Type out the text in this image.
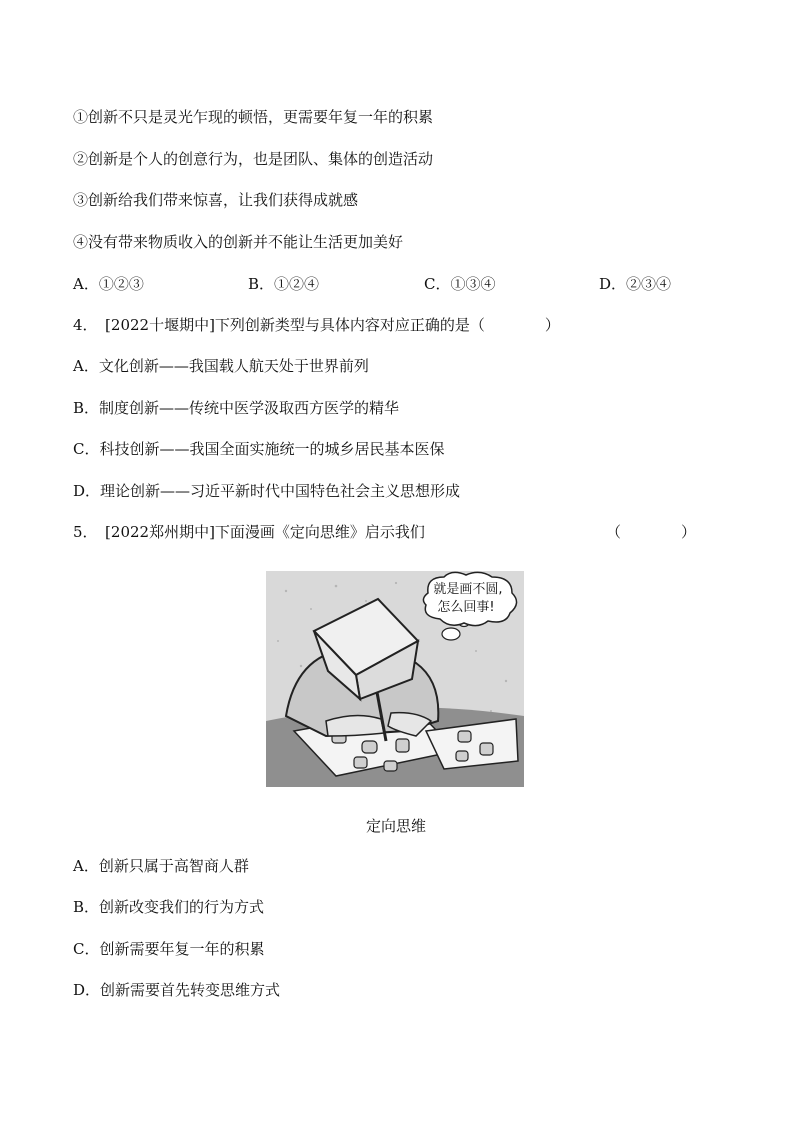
①创新不只是灵光乍现的顿悟，更需要年复一年的积累
②创新是个人的创意行为，也是团队、集体的创造活动
③创新给我们带来惊喜，让我们获得成就感
④没有带来物质收入的创新并不能让生活更加美好
A．①②③	B．①②④	C．①③④	D．②③④
4．　[2022十堰期中]下列创新类型与具体内容对应正确的是（　　　　）
A．文化创新——我国载人航天处于世界前列
B．制度创新——传统中医学汲取西方医学的精华
C．科技创新——我国全面实施统一的城乡居民基本医保
D．理论创新——习近平新时代中国特色社会主义思想形成
5．　[2022郑州期中]下面漫画《定向思维》启示我们	（　　　　）
就是画不圆,
怎么回事!
定向思维
A．创新只属于高智商人群
B．创新改变我们的行为方式
C．创新需要年复一年的积累
D．创新需要首先转变思维方式
